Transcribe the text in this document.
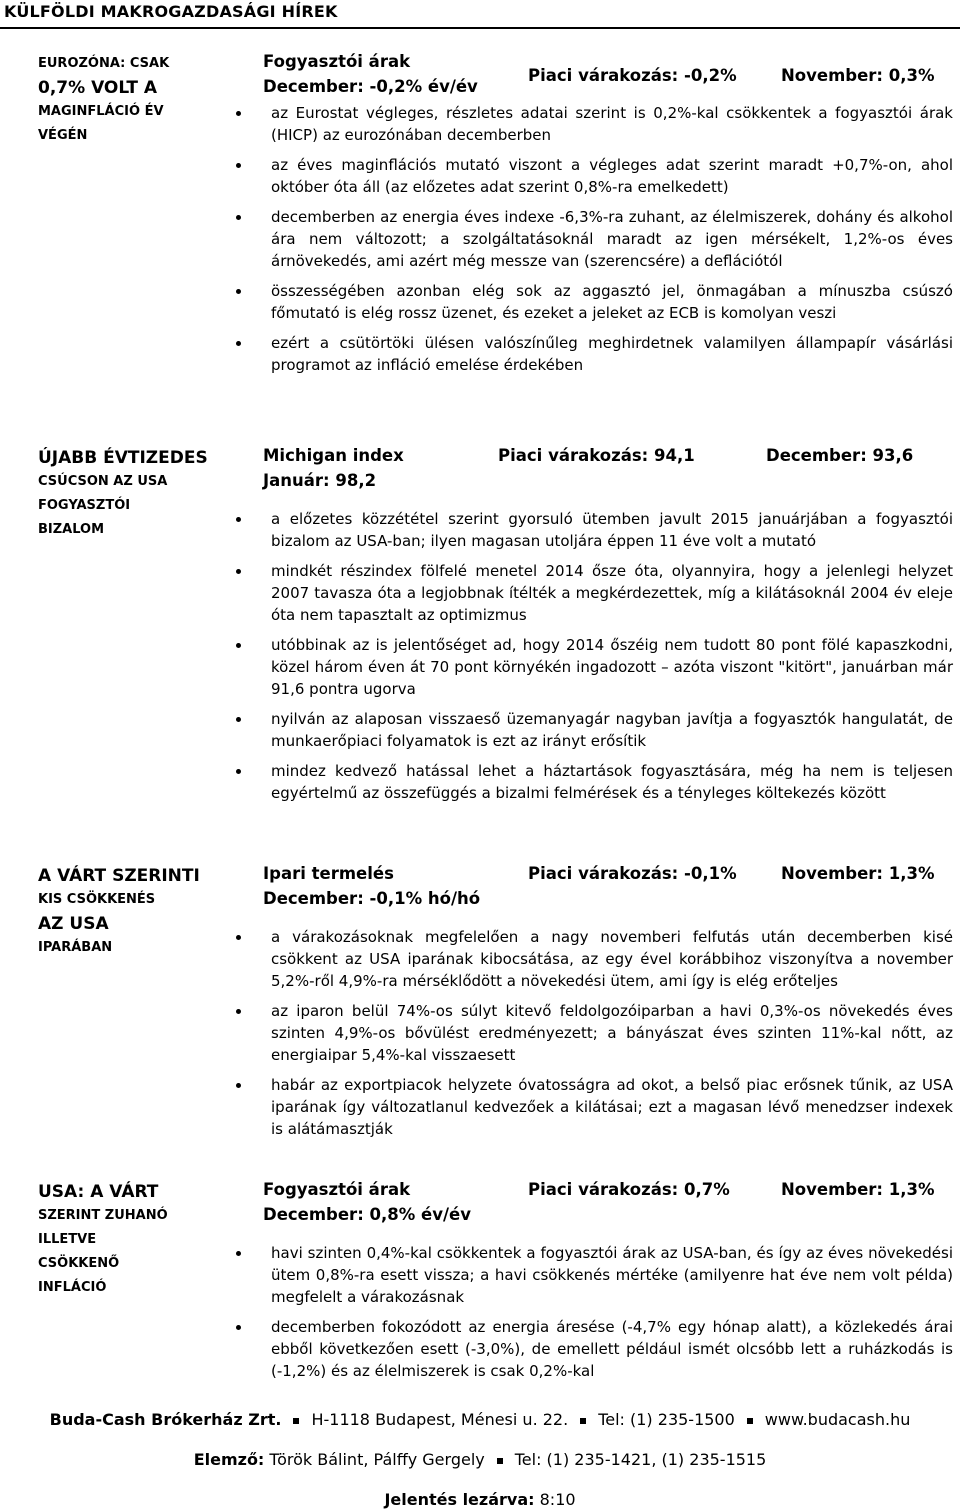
KÜLFÖLDI MAKROGAZDASÁGI HÍREK
EUROZÓNA: CSAK
0,7% VOLT A
MAGINFLÁCIÓ ÉV
VÉGÉN
Fogyasztói árak
December: -0,2% év/év
Piaci várakozás: -0,2%	November: 0,3%
az Eurostat végleges, részletes adatai szerint is 0,2%-kal csökkentek a fogyasztói árak (HICP) az eurozónában decemberben
az éves maginflációs mutató viszont a végleges adat szerint maradt +0,7%-on, ahol október óta áll (az előzetes adat szerint 0,8%-ra emelkedett)
decemberben az energia éves indexe -6,3%-ra zuhant, az élelmiszerek, dohány és alkohol ára nem változott; a szolgáltatásoknál maradt az igen mérsékelt, 1,2%-os éves árnövekedés, ami azért még messze van (szerencsére) a deflációtól
összességében azonban elég sok az aggasztó jel, önmagában a mínuszba csúszó főmutató is elég rossz üzenet, és ezeket a jeleket az ECB is komolyan veszi
ezért a csütörtöki ülésen valószínűleg meghirdetnek valamilyen állampapír vásárlási programot az infláció emelése érdekében
ÚJABB ÉVTIZEDES
CSÚCSON AZ USA
FOGYASZTÓI
BIZALOM
Michigan index
Január: 98,2
Piaci várakozás: 94,1	December: 93,6
a előzetes közzététel szerint gyorsuló ütemben javult 2015 januárjában a fogyasztói bizalom az USA-ban; ilyen magasan utoljára éppen 11 éve volt a mutató
mindkét részindex fölfelé menetel 2014 ősze óta, olyannyira, hogy a jelenlegi helyzet 2007 tavasza óta a legjobbnak ítélték a megkérdezettek, míg a kilátásoknál 2004 év eleje óta nem tapasztalt az optimizmus
utóbbinak az is jelentőséget ad, hogy 2014 őszéig nem tudott 80 pont fölé kapaszkodni, közel három éven át 70 pont környékén ingadozott – azóta viszont "kitört", januárban már 91,6 pontra ugorva
nyilván az alaposan visszaeső üzemanyagár nagyban javítja a fogyasztók hangulatát, de munkaerőpiaci folyamatok is ezt az irányt erősítik
mindez kedvező hatással lehet a háztartások fogyasztására, még ha nem is teljesen egyértelmű az összefüggés a bizalmi felmérések és a tényleges költekezés között
A VÁRT SZERINTI
KIS CSÖKKENÉS
AZ USA
IPARÁBAN
Ipari termelés
December: -0,1% hó/hó
Piaci várakozás: -0,1%	November: 1,3%
a várakozásoknak megfelelően a nagy novemberi felfutás után decemberben kisé csökkent az USA iparának kibocsátása, az egy ével korábbihoz viszonyítva a november 5,2%-ről 4,9%-ra mérséklődött a növekedési ütem, ami így is elég erőteljes
az iparon belül 74%-os súlyt kitevő feldolgozóiparban a havi 0,3%-os növekedés éves szinten 4,9%-os bővülést eredményezett; a bányászat éves szinten 11%-kal nőtt, az energiaipar 5,4%-kal visszaesett
habár az exportpiacok helyzete óvatosságra ad okot, a belső piac erősnek tűnik, az USA iparának így változatlanul kedvezőek a kilátásai; ezt a magasan lévő menedzser indexek is alátámasztják
USA: A VÁRT
SZERINT ZUHANÓ
ILLETVE
CSÖKKENŐ
INFLÁCIÓ
Fogyasztói árak
December: 0,8% év/év
Piaci várakozás: 0,7%	November: 1,3%
havi szinten 0,4%-kal csökkentek a fogyasztói árak az USA-ban, és így az éves növekedési ütem 0,8%-ra esett vissza; a havi csökkenés mértéke (amilyenre hat éve nem volt példa) megfelelt a várakozásnak
decemberben fokozódott az energia áresése (-4,7% egy hónap alatt), a közlekedés árai ebből következően esett (-3,0%), de emellett például ismét olcsóbb lett a ruházkodás is (-1,2%) és az élelmiszerek is csak 0,2%-kal
Buda-Cash Brókerház Zrt. H-1118 Budapest, Ménesi u. 22. Tel: (1) 235-1500 www.budacash.hu
Elemző: Török Bálint, Pálffy Gergely Tel: (1) 235-1421, (1) 235-1515
Jelentés lezárva: 8:10
